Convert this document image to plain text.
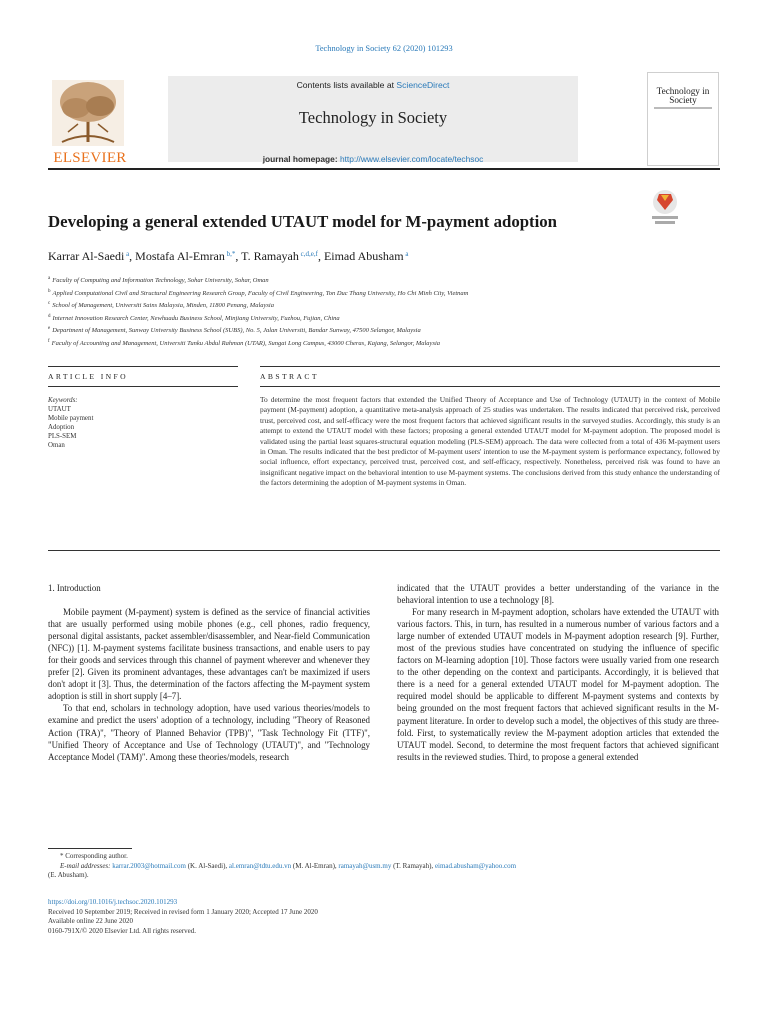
Technology in Society 62 (2020) 101293
ELSEVIER
Contents lists available at ScienceDirect
Technology in Society
journal homepage: http://www.elsevier.com/locate/techsoc
Technology in Society
Developing a general extended UTAUT model for M-payment adoption
Karrar Al-Saedi $^a$, Mostafa Al-Emran $^{b,*}$, T. Ramayah $^{c,d,e,f}$, Eimad Abusham $^a$
$^a$ Faculty of Computing and Information Technology, Sohar University, Sohar, Oman
$^b$ Applied Computational Civil and Structural Engineering Research Group, Faculty of Civil Engineering, Ton Duc Thang University, Ho Chi Minh City, Vietnam
$^c$ School of Management, Universiti Sains Malaysia, Minden, 11800 Penang, Malaysia
$^d$ Internet Innovation Research Center, Newhuadu Business School, Minjiang University, Fuzhou, Fujian, China
$^e$ Department of Management, Sunway University Business School (SUBS), No. 5, Jalan Universiti, Bandar Sunway, 47500 Selangor, Malaysia
$^f$ Faculty of Accounting and Management, Universiti Tunku Abdul Rahman (UTAR), Sungai Long Campus, 43000 Cheras, Kajang, Selangor, Malaysia
ARTICLE INFO	ABSTRACT
Keywords:
UTAUT
Mobile payment
Adoption
PLS-SEM
Oman
To determine the most frequent factors that extended the Unified Theory of Acceptance and Use of Technology (UTAUT) in the context of Mobile payment (M-payment) adoption, a quantitative meta-analysis approach of 25 studies was undertaken. The results indicated that perceived risk, perceived trust, perceived cost, and self-efficacy were the most frequent factors that achieved significant results in the surveyed studies. Accordingly, this study is an attempt to extend the UTAUT model with these factors; proposing a general extended UTAUT model for M-payment adoption. The proposed model is validated using the partial least squares-structural equation modeling (PLS-SEM) approach. The data were collected from a total of 436 M-payment users in Oman. The results indicated that the best predictor of M-payment users' intention to use the M-payment system is performance expectancy, followed by social influence, effort expectancy, perceived trust, perceived cost, and self-efficacy, respectively. Nonetheless, perceived risk was found to have an insignificant negative impact on the behavioral intention to use M-payment systems. The conclusions derived from this study enhance the understanding of the factors determining the adoption of M-payment systems in Oman.

1. Introduction

Mobile payment (M-payment) system is defined as the service of financial activities that are usually performed using mobile phones (e.g., cell phones, radio frequency, personal digital assistants, packet assembler/disassembler, and Near-field Communication (NFC)) [1]. M-payment systems facilitate business transactions, and enable users to pay for their goods and services through this channel of payment wherever and whenever they prefer [2]. Given its prominent advantages, these advantages can't be maximized if users don't adopt it [3]. Thus, the determination of the factors affecting the M-payment system adoption is still in short supply [4–7].

To that end, scholars in technology adoption, have used various theories/models to examine and predict the users' adoption of a technology, including "Theory of Reasoned Action (TRA)", "Theory of Planned Behavior (TPB)", "Task Technology Fit (TTF)", "Unified Theory of Acceptance and Use of Technology (UTAUT)", and "Technology Acceptance Model (TAM)". Among these theories/models, research

indicated that the UTAUT provides a better understanding of the variance in the behavioral intention to use a technology [8].

For many research in M-payment adoption, scholars have extended the UTAUT with various factors. This, in turn, has resulted in a numerous number of various factors and a large number of extended UTAUT models in M-payment adoption research [9]. Further, most of the previous studies have concentrated on studying the influence of specific factors on M-learning adoption [10]. Those factors were usually varied from one research to the other depending on the context and participants. Accordingly, it is believed that there is a need for a general extended UTAUT model for M-payment adoption. The required model should be applicable to different M-payment systems and contexts by being grounded on the most frequent factors that achieved significant results in the M-payment literature. In order to develop such a model, the objectives of this study are three-fold. First, to systematically review the M-payment adoption articles that extended the UTAUT model. Second, to determine the most frequent factors that achieved significant results in the reviewed studies. Third, to propose a general extended

* Corresponding author.
E-mail addresses: karrar.2003@hotmail.com (K. Al-Saedi), al.emran@tdtu.edu.vn (M. Al-Emran), ramayah@usm.my (T. Ramayah), eimad.abusham@yahoo.com
(E. Abusham).
https://doi.org/10.1016/j.techsoc.2020.101293
Received 10 September 2019; Received in revised form 1 January 2020; Accepted 17 June 2020
Available online 22 June 2020
0160-791X/© 2020 Elsevier Ltd. All rights reserved.
